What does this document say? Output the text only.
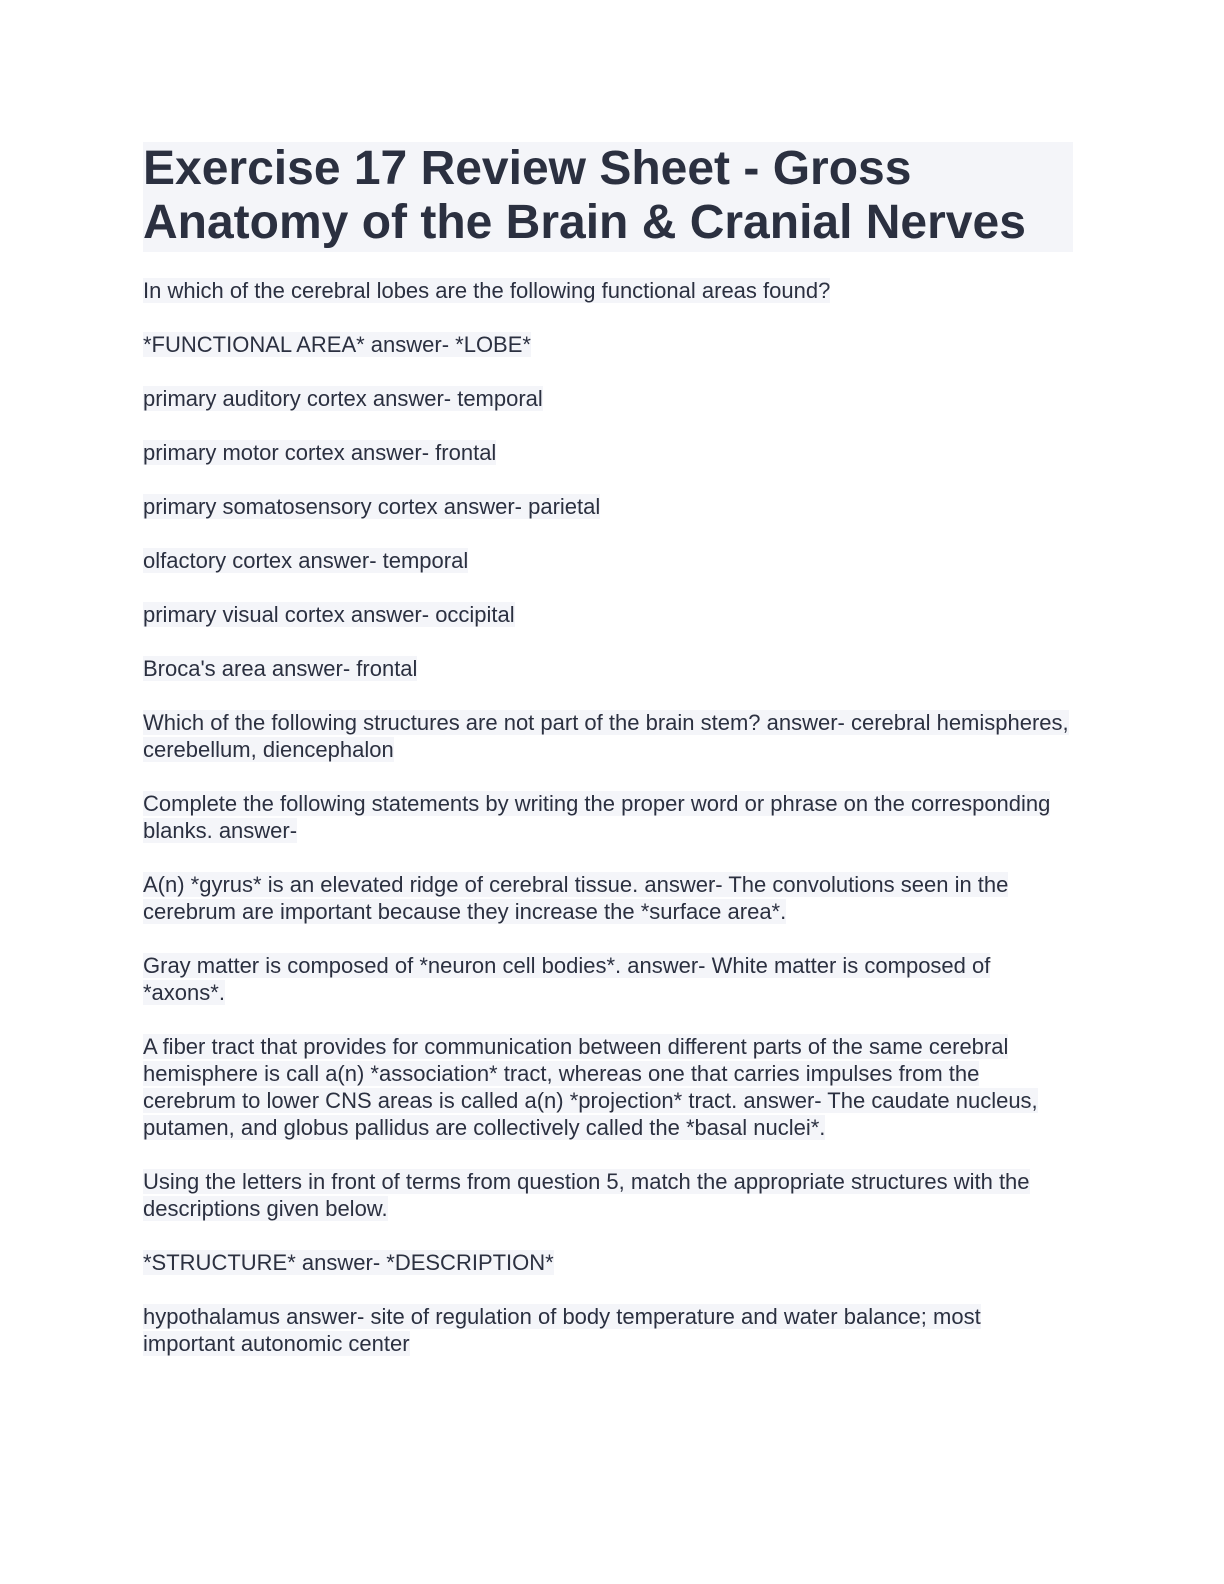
Exercise 17 Review Sheet - Gross Anatomy of the Brain & Cranial Nerves

In which of the cerebral lobes are the following functional areas found?

*FUNCTIONAL AREA* answer- *LOBE*

primary auditory cortex answer- temporal

primary motor cortex answer- frontal

primary somatosensory cortex answer- parietal

olfactory cortex answer- temporal

primary visual cortex answer- occipital

Broca's area answer- frontal

Which of the following structures are not part of the brain stem? answer- cerebral hemispheres, cerebellum, diencephalon

Complete the following statements by writing the proper word or phrase on the corresponding blanks. answer-

A(n) *gyrus* is an elevated ridge of cerebral tissue. answer- The convolutions seen in the cerebrum are important because they increase the *surface area*.

Gray matter is composed of *neuron cell bodies*. answer- White matter is composed of *axons*.

A fiber tract that provides for communication between different parts of the same cerebral hemisphere is call a(n) *association* tract, whereas one that carries impulses from the cerebrum to lower CNS areas is called a(n) *projection* tract. answer- The caudate nucleus, putamen, and globus pallidus are collectively called the *basal nuclei*.

Using the letters in front of terms from question 5, match the appropriate structures with the descriptions given below.

*STRUCTURE* answer- *DESCRIPTION*

hypothalamus answer- site of regulation of body temperature and water balance; most important autonomic center
